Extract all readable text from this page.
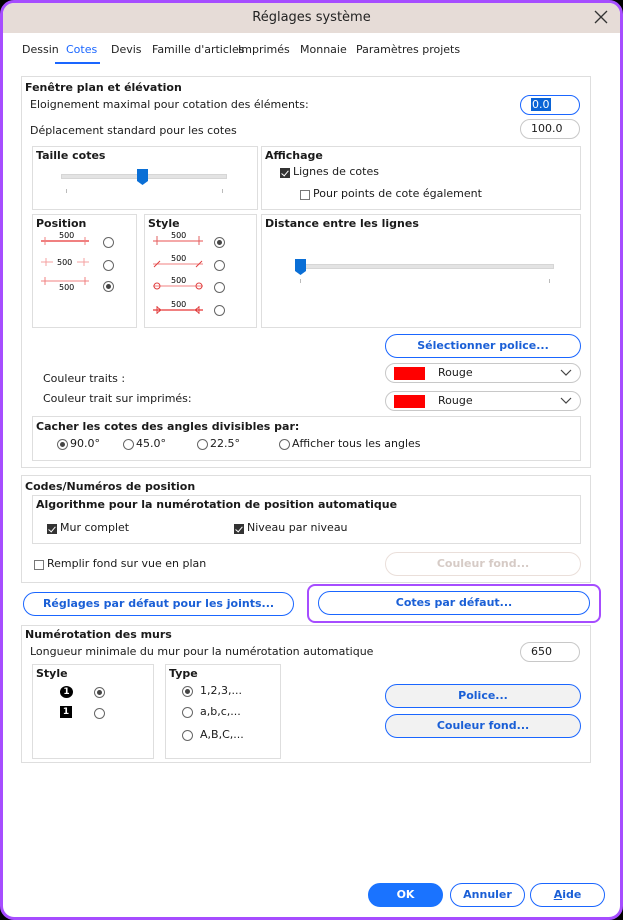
Réglages système
Dessin Cotes Devis Famille d'articles
Imprimés Monnaie Paramètres projets
Fenêtre plan et élévation
Eloignement maximal pour cotation des éléments:	0.0
Déplacement standard pour les cotes	100.0
Taille cotes	Affichage
Lignes de cotes
Pour points de cote également
Position
500
500
500
Style
500
500
500
500
Distance entre les lignes
Sélectionner police...
Couleur traits :	Rouge
Couleur trait sur imprimés:	Rouge
Cacher les cotes des angles divisibles par:
90.0°	45.0°	22.5°	Afficher tous les angles
Codes/Numéros de position
Algorithme pour la numérotation de position automatique
Mur complet	Niveau par niveau
Remplir fond sur vue en plan	Couleur fond...
Réglages par défaut pour les joints...	Cotes par défaut...
Numérotation des murs
Longueur minimale du mur pour la numérotation automatique	650
Style
1
1
Type
1,2,3,...
a,b,c,...
A,B,C,...
Police...
Couleur fond...
OK	Annuler	Aide
